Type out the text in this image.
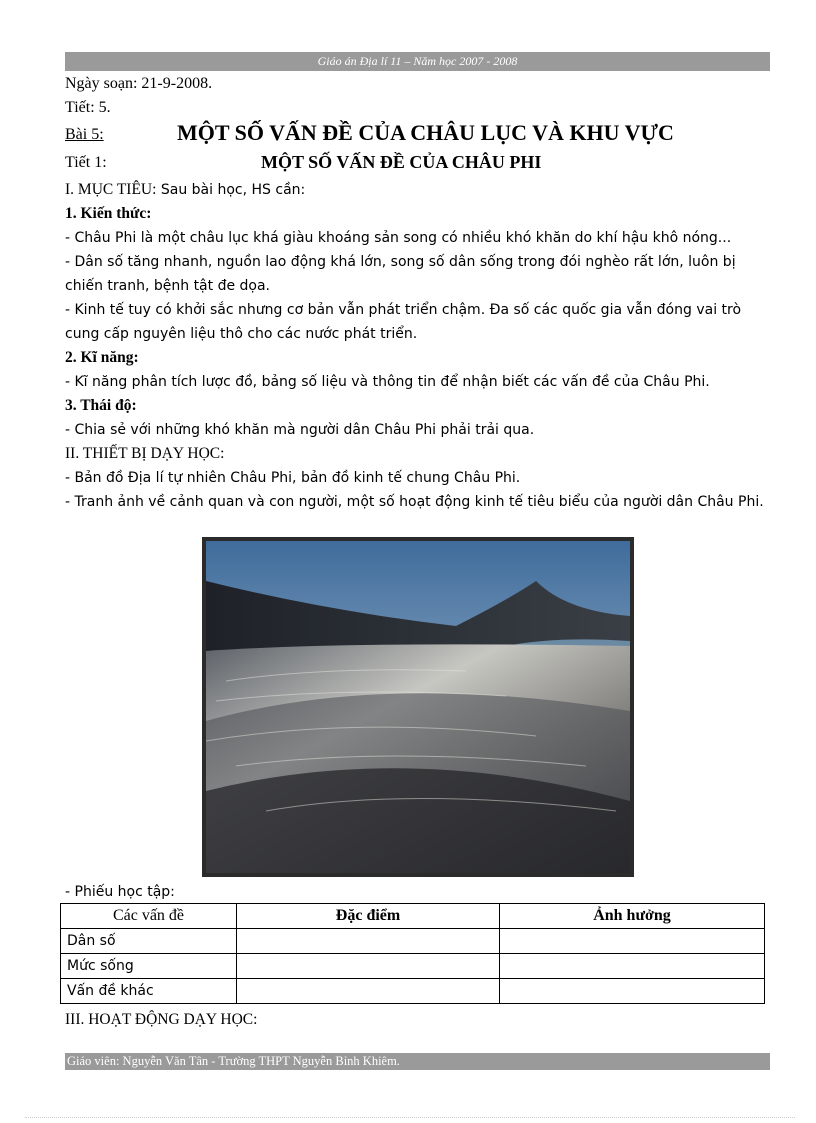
Giáo án Địa lí 11 – Năm học 2007 - 2008
Ngày soạn: 21-9-2008.
Tiết: 5.
Bài 5:	MỘT SỐ VẤN ĐỀ CỦA CHÂU LỤC VÀ KHU VỰC
Tiết 1:	MỘT SỐ VẤN ĐỀ CỦA CHÂU PHI
I. MỤC TIÊU: Sau bài học, HS cần:
1. Kiến thức:
- Châu Phi là một châu lục khá giàu khoáng sản song có nhiều khó khăn do khí hậu khô nóng...
- Dân số tăng nhanh, nguồn lao động khá lớn, song số dân sống trong đói nghèo rất lớn, luôn bị chiến tranh, bệnh tật đe dọa.
- Kinh tế tuy có khởi sắc nhưng cơ bản vẫn phát triển chậm. Đa số các quốc gia vẫn đóng vai trò cung cấp nguyên liệu thô cho các nước phát triển.
2. Kĩ năng:
- Kĩ năng phân tích lược đồ, bảng số liệu và thông tin để nhận biết các vấn đề của Châu Phi.
3. Thái độ:
- Chia sẻ với những khó khăn mà người dân Châu Phi phải trải qua.
II. THIẾT BỊ DẠY HỌC:
- Bản đồ Địa lí tự nhiên Châu Phi, bản đồ kinh tế chung Châu Phi.
- Tranh ảnh về cảnh quan và con người, một số hoạt động kinh tế tiêu biểu của người dân Châu Phi.
- Phiếu học tập:
Các vấn đề	Đặc điểm	Ảnh hưởng
Dân số		
Mức sống		
Vấn đề khác		
III. HOẠT ĐỘNG DẠY HỌC:
Giáo viên: Nguyễn Văn Tân - Trường THPT Nguyễn Bỉnh Khiêm.
